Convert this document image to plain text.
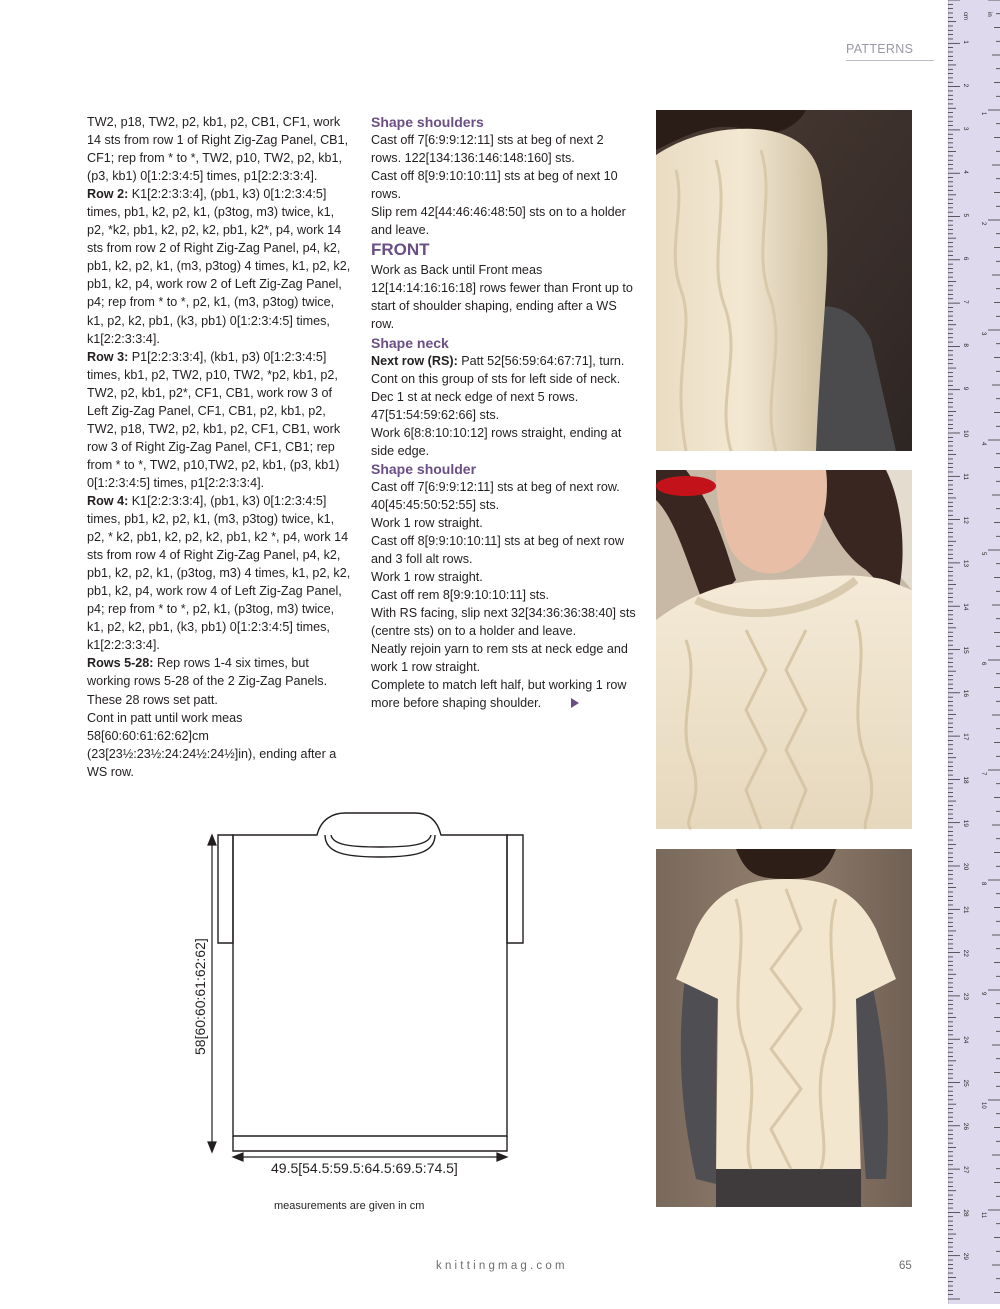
PATTERNS

TW2, p18, TW2, p2, kb1, p2, CB1, CF1, work 14 sts from row 1 of Right Zig-Zag Panel, CB1, CF1; rep from * to *, TW2, p10, TW2, p2, kb1, (p3, kb1) 0[1:2:3:4:5] times, p1[2:2:3:3:4].

Row 2: K1[2:2:3:3:4], (pb1, k3) 0[1:2:3:4:5] times, pb1, k2, p2, k1, (p3tog, m3) twice, k1, p2, *k2, pb1, k2, p2, k2, pb1, k2*, p4, work 14 sts from row 2 of Right Zig-Zag Panel, p4, k2, pb1, k2, p2, k1, (m3, p3tog) 4 times, k1, p2, k2, pb1, k2, p4, work row 2 of Left Zig-Zag Panel, p4; rep from * to *, p2, k1, (m3, p3tog) twice, k1, p2, k2, pb1, (k3, pb1) 0[1:2:3:4:5] times, k1[2:2:3:3:4].

Row 3: P1[2:2:3:3:4], (kb1, p3) 0[1:2:3:4:5] times, kb1, p2, TW2, p10, TW2, *p2, kb1, p2, TW2, p2, kb1, p2*, CF1, CB1, work row 3 of Left Zig-Zag Panel, CF1, CB1, p2, kb1, p2, TW2, p18, TW2, p2, kb1, p2, CF1, CB1, work row 3 of Right Zig-Zag Panel, CF1, CB1; rep from * to *, TW2, p10,TW2, p2, kb1, (p3, kb1) 0[1:2:3:4:5] times, p1[2:2:3:3:4].

Row 4: K1[2:2:3:3:4], (pb1, k3) 0[1:2:3:4:5] times, pb1, k2, p2, k1, (m3, p3tog) twice, k1, p2, * k2, pb1, k2, p2, k2, pb1, k2 *, p4, work 14 sts from row 4 of Right Zig-Zag Panel, p4, k2, pb1, k2, p2, k1, (p3tog, m3) 4 times, k1, p2, k2, pb1, k2, p4, work row 4 of Left Zig-Zag Panel, p4; rep from * to *, p2, k1, (p3tog, m3) twice, k1, p2, k2, pb1, (k3, pb1) 0[1:2:3:4:5] times, k1[2:2:3:3:4].

Rows 5-28: Rep rows 1-4 six times, but working rows 5-28 of the 2 Zig-Zag Panels.

These 28 rows set patt.

Cont in patt until work meas 58[60:60:61:62:62]cm (23[23½:23½:24:24½:24½]in), ending after a WS row.

Shape shoulders

Cast off 7[6:9:9:12:11] sts at beg of next 2 rows. 122[134:136:146:148:160] sts.

Cast off 8[9:9:10:10:11] sts at beg of next 10 rows.

Slip rem 42[44:46:46:48:50] sts on to a holder and leave.

FRONT

Work as Back until Front meas 12[14:14:16:16:18] rows fewer than Front up to start of shoulder shaping, ending after a WS row.

Shape neck

Next row (RS): Patt 52[56:59:64:67:71], turn.

Cont on this group of sts for left side of neck.

Dec 1 st at neck edge of next 5 rows. 47[51:54:59:62:66] sts.

Work 6[8:8:10:10:12] rows straight, ending at side edge.

Shape shoulder

Cast off 7[6:9:9:12:11] sts at beg of next row. 40[45:45:50:52:55] sts.

Work 1 row straight.

Cast off 8[9:9:10:10:11] sts at beg of next row and 3 foll alt rows.

Work 1 row straight.

Cast off rem 8[9:9:10:10:11] sts.

With RS facing, slip next 32[34:36:36:38:40] sts (centre sts) on to a holder and leave.

Neatly rejoin yarn to rem sts at neck edge and work 1 row straight.

Complete to match left half, but working 1 row more before shaping shoulder.

58[60:60:61:62:62]
49.5[54.5:59.5:64.5:69.5:74.5]
measurements are given in cm
knittingmag.com	65
cm	in
1
2
3
4
5
6
7
8
9
10
11
12
13
14
15
16
17
18
19
20
21
22
23
24
25
26
27
28
29
1
2
3
4
5
6
7
8
9
10
11
